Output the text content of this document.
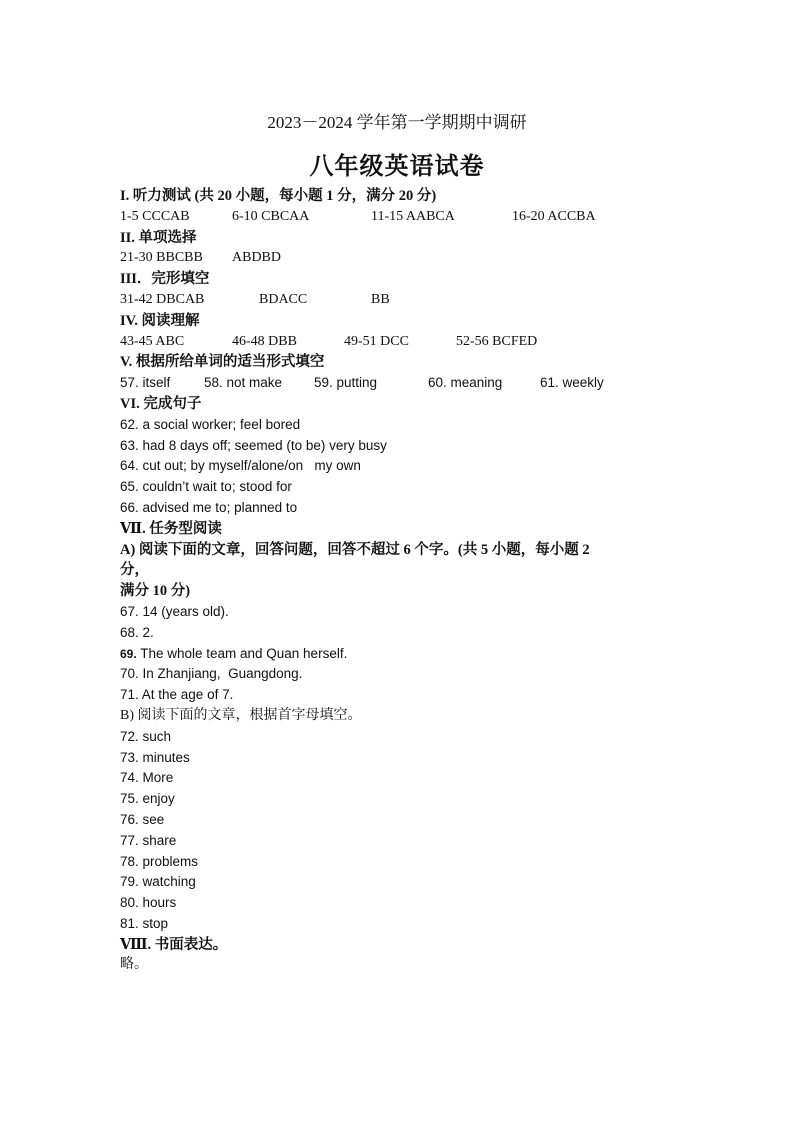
2023－2024 学年第一学期期中调研
八年级英语试卷
I. 听力测试 (共 20 小题，每小题 1 分，满分 20 分)
1-5 CCCAB	6-10 CBCAA	11-15 AABCA	16-20 ACCBA
II. 单项选择
21-30 BBCBB ABDBD
III．完形填空
31-42 DBCAB	BDACC	BB
IV. 阅读理解
43-45 ABC	46-48 DBB	49-51 DCC	52-56 BCFED
V. 根据所给单词的适当形式填空
57. itself 58. not make 59. putting	60. meaning	61. weekly
VI. 完成句子
62. a social worker; feel bored
63. had 8 days off; seemed (to be) very busy
64. cut out; by myself/alone/on   my own
65. couldn’t wait to; stood for
66. advised me to; planned to
Ⅶ. 任务型阅读
A) 阅读下面的文章，回答问题，回答不超过 6 个字。(共 5 小题，每小题 2
分，
满分 10 分)
67. 14 (years old).
68. 2.
69. The whole team and Quan herself.
70. In Zhanjiang,  Guangdong.
71. At the age of 7.
B) 阅读下面的文章，根据首字母填空。
72. such
73. minutes
74. More
75. enjoy
76. see
77. share
78. problems
79. watching
80. hours
81. stop
Ⅷ. 书面表达。
略。
